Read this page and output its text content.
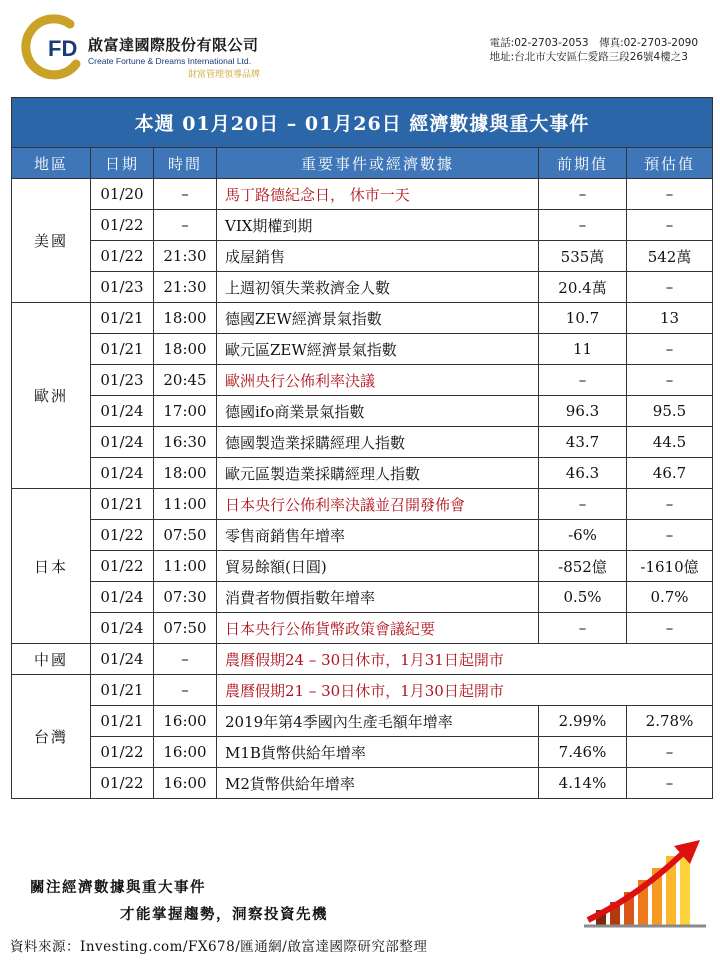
FD 啟富達國際股份有限公司
Create Fortune & Dreams International Ltd.
財富管理領導品牌
電話:02-2703-2053　傳真:02-2703-2090
地址:台北市大安區仁愛路三段26號4樓之3
本週 01月20日 – 01月26日 經濟數據與重大事件					
地區	日期	時間	重要事件或經濟數據	前期值	預估值
美國	01/20	–	馬丁路德紀念日， 休市一天	–	–
	01/22	–	VIX期權到期	–	–
	01/22	21:30	成屋銷售	535萬	542萬
	01/23	21:30	上週初領失業救濟金人數	20.4萬	–
歐洲	01/21	18:00	德國ZEW經濟景氣指數	10.7	13
	01/21	18:00	歐元區ZEW經濟景氣指數	11	–
	01/23	20:45	歐洲央行公佈利率決議	–	–
	01/24	17:00	德國ifo商業景氣指數	96.3	95.5
	01/24	16:30	德國製造業採購經理人指數	43.7	44.5
	01/24	18:00	歐元區製造業採購經理人指數	46.3	46.7
日本	01/21	11:00	日本央行公佈利率決議並召開發佈會	–	–
	01/22	07:50	零售商銷售年增率	-6%	–
	01/22	11:00	貿易餘額(日圓)	-852億	-1610億
	01/24	07:30	消費者物價指數年增率	0.5%	0.7%
	01/24	07:50	日本央行公佈貨幣政策會議紀要	–	–
中國	01/24	–	農曆假期24 – 30日休市，1月31日起開市		
台灣	01/21	–	農曆假期21 – 30日休市，1月30日起開市		
	01/21	16:00	2019年第4季國內生產毛額年增率	2.99%	2.78%
	01/22	16:00	M1B貨幣供給年增率	7.46%	–
	01/22	16:00	M2貨幣供給年增率	4.14%	–
關注經濟數據與重大事件
才能掌握趨勢，洞察投資先機
資料來源：Investing.com/FX678/匯通網/啟富達國際研究部整理
